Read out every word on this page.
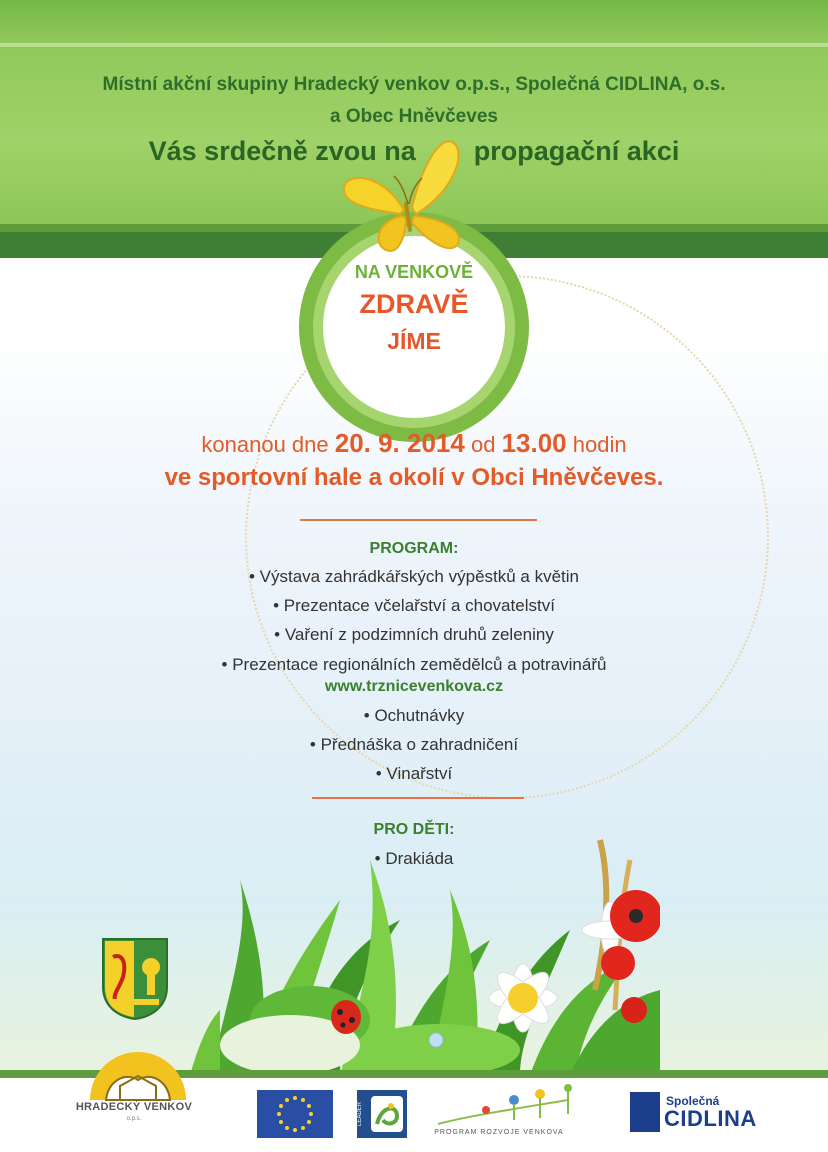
Místní akční skupiny Hradecký venkov o.p.s., Společná CIDLINA, o.s.
a Obec Hněvčeves
Vás srdečně zvou na propagační akci
NA VENKOVĚ
ZDRAVĚ
JÍME
konanou dne 20. 9. 2014 od 13.00 hodin
ve sportovní hale a okolí v Obci Hněvčeves.
PROGRAM:
• Výstava zahrádkářských výpěstků a květin
• Prezentace včelařství a chovatelství
• Vaření z podzimních druhů zeleniny
• Prezentace regionálních zemědělců a potravinářů
www.trznicevenkova.cz
• Ochutnávky
• Přednáška o zahradničení
• Vinařství
PRO DĚTI:
• Drakiáda
HRADECKÝ VENKOV
o.p.s.	LEADER
PROGRAM ROZVOJE VENKOVA
Společná
CIDLINA
